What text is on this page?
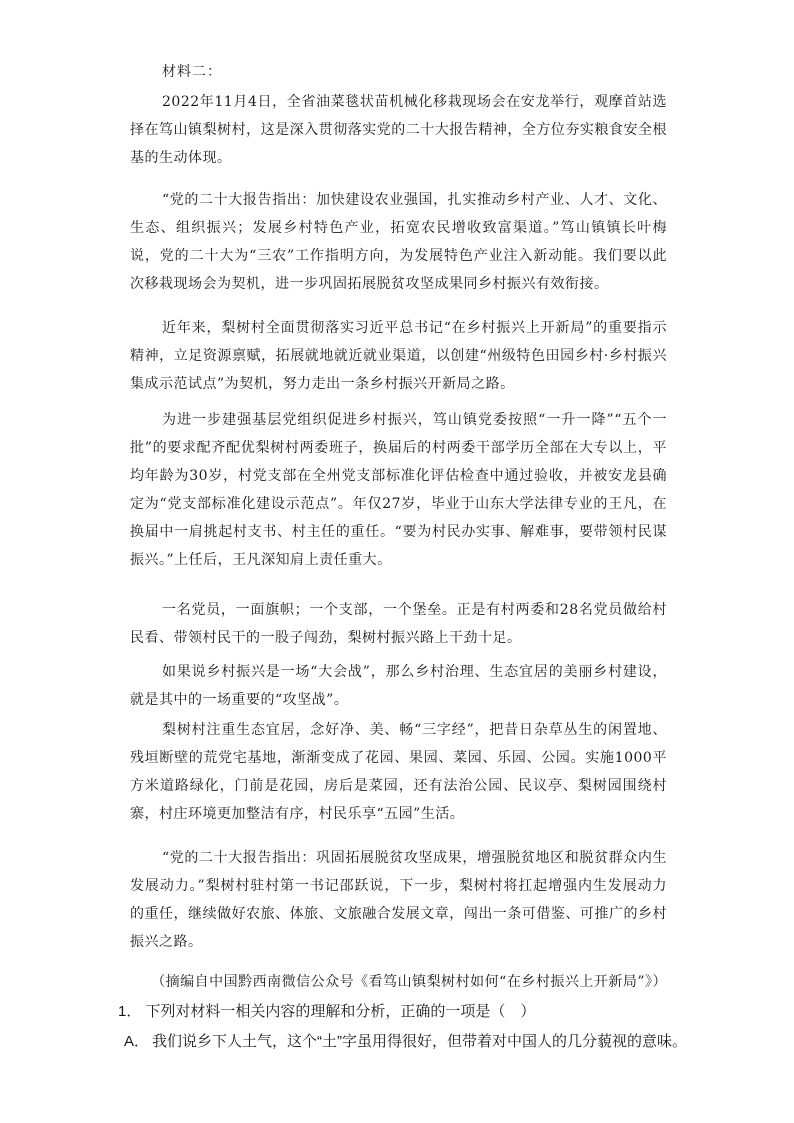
材料二：

2022年11月4日，全省油菜毯状苗机械化移栽现场会在安龙举行，观摩首站选择在笃山镇梨树村，这是深入贯彻落实党的二十大报告精神，全方位夯实粮食安全根基的生动体现。

“党的二十大报告指出：加快建设农业强国，扎实推动乡村产业、人才、文化、生态、组织振兴；发展乡村特色产业，拓宽农民增收致富渠道。”笃山镇镇长叶梅说，党的二十大为“三农”工作指明方向，为发展特色产业注入新动能。我们要以此次移栽现场会为契机，进一步巩固拓展脱贫攻坚成果同乡村振兴有效衔接。

近年来，梨树村全面贯彻落实习近平总书记“在乡村振兴上开新局”的重要指示精神，立足资源禀赋，拓展就地就近就业渠道，以创建“州级特色田园乡村·乡村振兴集成示范试点”为契机，努力走出一条乡村振兴开新局之路。

为进一步建强基层党组织促进乡村振兴，笃山镇党委按照“一升一降”“五个一批”的要求配齐配优梨树村两委班子，换届后的村两委干部学历全部在大专以上，平均年龄为30岁，村党支部在全州党支部标准化评估检查中通过验收，并被安龙县确定为“党支部标准化建设示范点”。年仅27岁，毕业于山东大学法律专业的王凡，在换届中一肩挑起村支书、村主任的重任。“要为村民办实事、解难事，要带领村民谋振兴。”上任后，王凡深知肩上责任重大。

一名党员，一面旗帜；一个支部，一个堡垒。正是有村两委和28名党员做给村民看、带领村民干的一股子闯劲，梨树村振兴路上干劲十足。

如果说乡村振兴是一场“大会战”，那么乡村治理、生态宜居的美丽乡村建设，就是其中的一场重要的“攻坚战”。

梨树村注重生态宜居，念好净、美、畅“三字经”，把昔日杂草丛生的闲置地、残垣断壁的荒党宅基地，渐渐变成了花园、果园、菜园、乐园、公园。实施1000平方米道路绿化，门前是花园，房后是菜园，还有法治公园、民议亭、梨树园围绕村寨，村庄环境更加整洁有序，村民乐享“五园”生活。

“党的二十大报告指出：巩固拓展脱贫攻坚成果，增强脱贫地区和脱贫群众内生发展动力。”梨树村驻村第一书记邵跃说，下一步，梨树村将扛起增强内生发展动力的重任，继续做好农旅、体旅、文旅融合发展文章，闯出一条可借鉴、可推广的乡村振兴之路。

（摘编自中国黔西南微信公众号《看笃山镇梨树村如何“在乡村振兴上开新局”》）
1． 下列对材料一相关内容的理解和分析，正确的一项是（　）
A． 我们说乡下人土气，这个“土”字虽用得很好，但带着对中国人的几分藐视的意味。
